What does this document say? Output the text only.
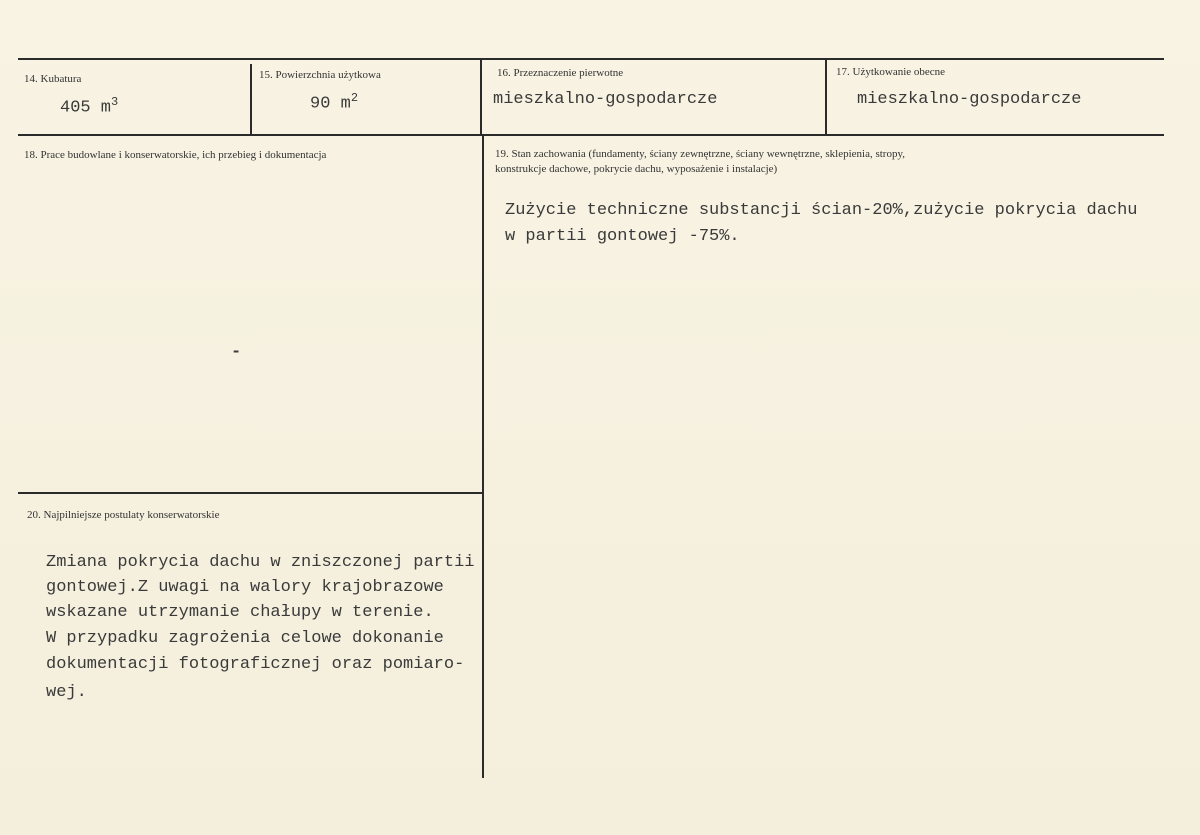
14. Kubatura
405 $m^3$
15. Powierzchnia użytkowa
90 $m^2$
16. Przeznaczenie pierwotne
mieszkalno-gospodarcze
17. Użytkowanie obecne
mieszkalno-gospodarcze
18. Prace budowlane i konserwatorskie, ich przebieg i dokumentacja
-
19. Stan zachowania (fundamenty, ściany zewnętrzne, ściany wewnętrzne, sklepienia, stropy,
konstrukcje dachowe, pokrycie dachu, wyposażenie i instalacje)
Zużycie techniczne substancji ścian-20%,zużycie pokrycia dachu
w partii gontowej -75%.
20. Najpilniejsze postulaty konserwatorskie
Zmiana pokrycia dachu w zniszczonej partii
gontowej.Z uwagi na walory krajobrazowe
wskazane utrzymanie chałupy w terenie.
W przypadku zagrożenia celowe dokonanie
dokumentacji fotograficznej oraz pomiaro-
wej.
